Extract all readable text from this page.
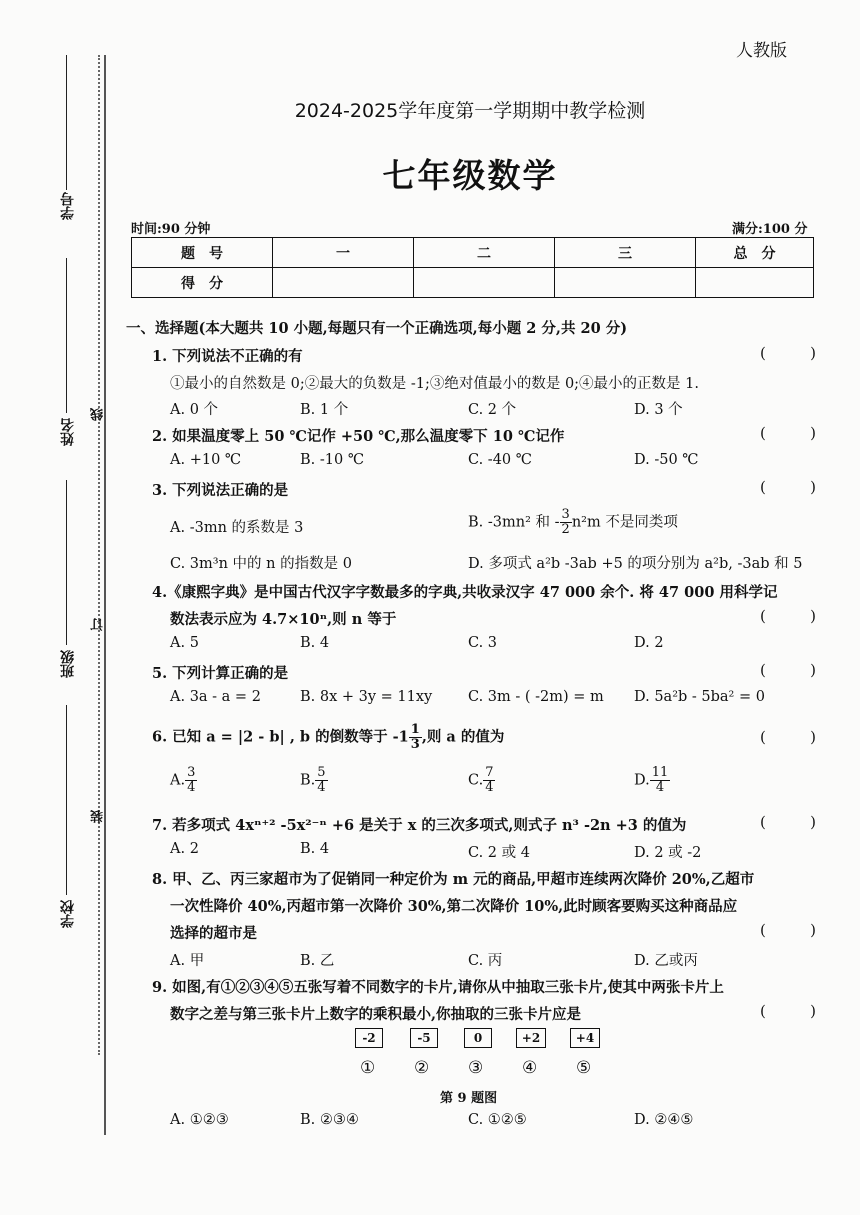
学号
姓名
班级
学校
线
订
装
人教版
2024-2025学年度第一学期期中教学检测
七年级数学
时间:90 分钟	满分:100 分
题　号	一	二	三	总　分
得　分				
一、选择题(本大题共 10 小题,每题只有一个正确选项,每小题 2 分,共 20 分)
1. 下列说法不正确的有	(	)
①最小的自然数是 0;②最大的负数是 -1;③绝对值最小的数是 0;④最小的正数是 1.
A. 0 个	B. 1 个	C. 2 个	D. 3 个
2. 如果温度零上 50 ℃记作 +50 ℃,那么温度零下 10 ℃记作	(	)
A. +10 ℃	B. -10 ℃	C. -40 ℃	D. -50 ℃
3. 下列说法正确的是	(	)
A. -3mn 的系数是 3	B. -3mn² 和 - $\frac{3}{2} n^2m$ 不是同类项
C. 3m³n 中的 n 的指数是 0	D. 多项式 a²b -3ab +5 的项分别为 a²b, -3ab 和 5
4.《康熙字典》是中国古代汉字字数最多的字典,共收录汉字 47 000 余个. 将 47 000 用科学记
数法表示应为 4.7×10ⁿ,则 n 等于	(	)
A. 5	B. 4	C. 3	D. 2
5. 下列计算正确的是	(	)
A. 3a - a = 2	B. 8x + 3y = 11xy C. 3m - ( -2m) = m D. 5a²b - 5ba² = 0
6. 已知 a = |2 - b| , b 的倒数等于 $-1 \frac{1}{3}$ ,则 a 的值为	(	)
A. $\frac{3}{4}$	B. $\frac{5}{4}$	C. $\frac{7}{4}$	D. $\frac{11}{4}$
7. 若多项式 4xⁿ⁺² -5x²⁻ⁿ +6 是关于 x 的三次多项式,则式子 n³ -2n +3 的值为	(	)
A. 2	B. 4	C. 2 或 4	D. 2 或 -2
8. 甲、乙、丙三家超市为了促销同一种定价为 m 元的商品,甲超市连续两次降价 20%,乙超市
一次性降价 40%,丙超市第一次降价 30%,第二次降价 10%,此时顾客要购买这种商品应
选择的超市是	(	)
A. 甲	B. 乙	C. 丙	D. 乙或丙
9. 如图,有①②③④⑤五张写着不同数字的卡片,请你从中抽取三张卡片,使其中两张卡片上
数字之差与第三张卡片上数字的乘积最小,你抽取的三张卡片应是	(	)
-2	-5	0	+2	+4
① ② ③ ④ ⑤
第 9 题图
A. ①②③	B. ②③④	C. ①②⑤	D. ②④⑤
